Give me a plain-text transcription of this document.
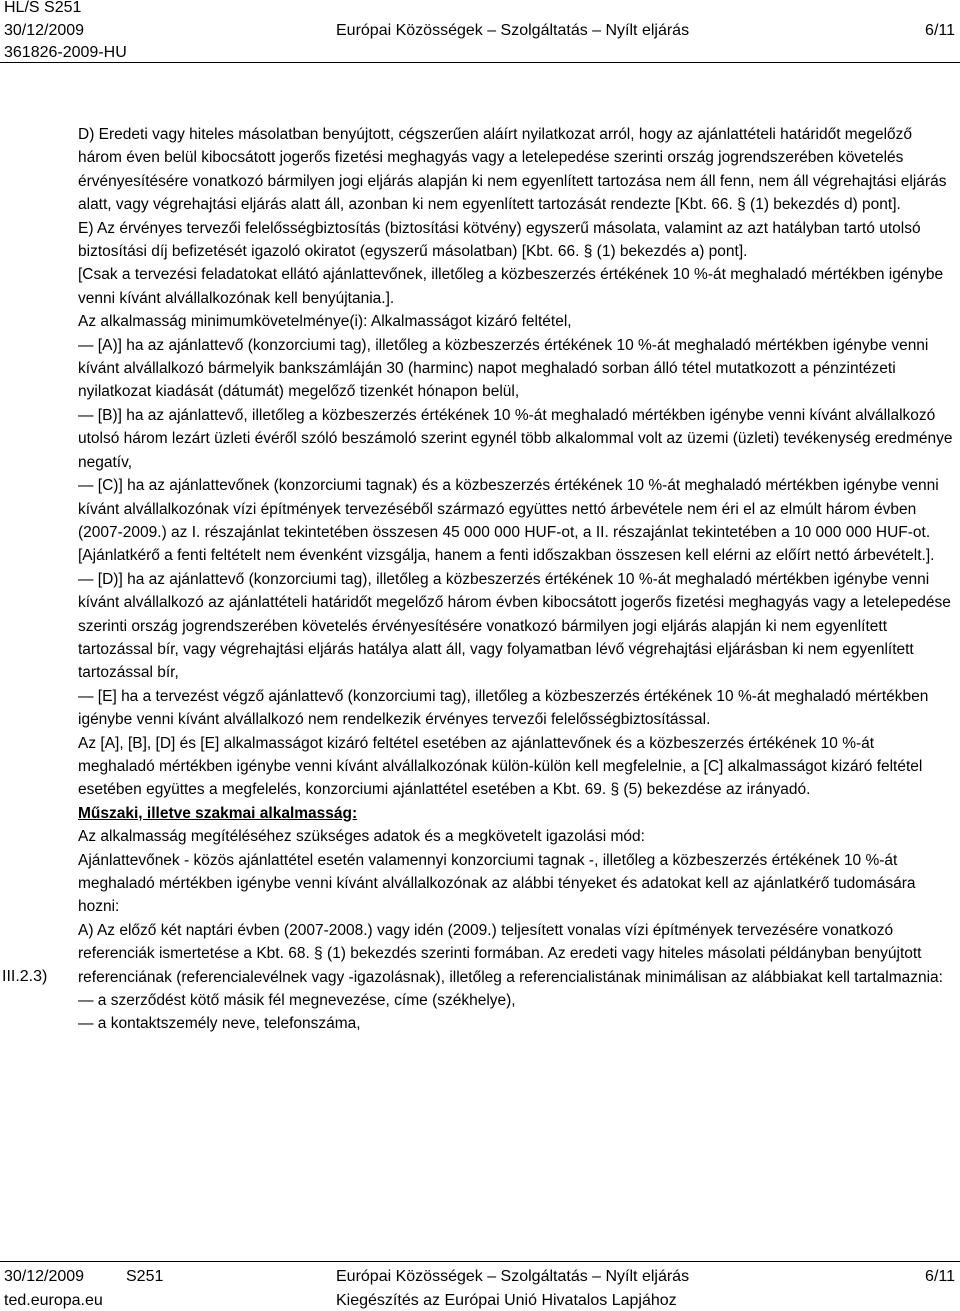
HL/S S251
30/12/2009
361826-2009-HU
Európai Közösségek – Szolgáltatás – Nyílt eljárás	6/11
III.2.3)

D) Eredeti vagy hiteles másolatban benyújtott, cégszerűen aláírt nyilatkozat arról, hogy az ajánlattételi határidőt megelőző három éven belül kibocsátott jogerős fizetési meghagyás vagy a letelepedése szerinti ország jogrendszerében követelés érvényesítésére vonatkozó bármilyen jogi eljárás alapján ki nem egyenlített tartozása nem áll fenn, nem áll végrehajtási eljárás alatt, vagy végrehajtási eljárás alatt áll, azonban ki nem egyenlített tartozását rendezte [Kbt. 66. § (1) bekezdés d) pont].

E) Az érvényes tervezői felelősségbiztosítás (biztosítási kötvény) egyszerű másolata, valamint az azt hatályban tartó utolsó biztosítási díj befizetését igazoló okiratot (egyszerű másolatban) [Kbt. 66. § (1) bekezdés a) pont].

[Csak a tervezési feladatokat ellátó ajánlattevőnek, illetőleg a közbeszerzés értékének 10 %-át meghaladó mértékben igénybe venni kívánt alvállalkozónak kell benyújtania.].

Az alkalmasság minimumkövetelménye(i): Alkalmasságot kizáró feltétel,

— [A)] ha az ajánlattevő (konzorciumi tag), illetőleg a közbeszerzés értékének 10 %-át meghaladó mértékben igénybe venni kívánt alvállalkozó bármelyik bankszámláján 30 (harminc) napot meghaladó sorban álló tétel mutatkozott a pénzintézeti nyilatkozat kiadását (dátumát) megelőző tizenkét hónapon belül,

— [B)] ha az ajánlattevő, illetőleg a közbeszerzés értékének 10 %-át meghaladó mértékben igénybe venni kívánt alvállalkozó utolsó három lezárt üzleti évéről szóló beszámoló szerint egynél több alkalommal volt az üzemi (üzleti) tevékenység eredménye negatív,

— [C)] ha az ajánlattevőnek (konzorciumi tagnak) és a közbeszerzés értékének 10 %-át meghaladó mértékben igénybe venni kívánt alvállalkozónak vízi építmények tervezéséből származó együttes nettó árbevétele nem éri el az elmúlt három évben (2007-2009.) az I. részajánlat tekintetében összesen 45 000 000 HUF-ot, a II. részajánlat tekintetében a 10 000 000 HUF-ot.

[Ajánlatkérő a fenti feltételt nem évenként vizsgálja, hanem a fenti időszakban összesen kell elérni az előírt nettó árbevételt.].

— [D)] ha az ajánlattevő (konzorciumi tag), illetőleg a közbeszerzés értékének 10 %-át meghaladó mértékben igénybe venni kívánt alvállalkozó az ajánlattételi határidőt megelőző három évben kibocsátott jogerős fizetési meghagyás vagy a letelepedése szerinti ország jogrendszerében követelés érvényesítésére vonatkozó bármilyen jogi eljárás alapján ki nem egyenlített tartozással bír, vagy végrehajtási eljárás hatálya alatt áll, vagy folyamatban lévő végrehajtási eljárásban ki nem egyenlített tartozással bír,

— [E] ha a tervezést végző ajánlattevő (konzorciumi tag), illetőleg a közbeszerzés értékének 10 %-át meghaladó mértékben igénybe venni kívánt alvállalkozó nem rendelkezik érvényes tervezői felelősségbiztosítással.

Az [A], [B], [D] és [E] alkalmasságot kizáró feltétel esetében az ajánlattevőnek és a közbeszerzés értékének 10 %-át meghaladó mértékben igénybe venni kívánt alvállalkozónak külön-külön kell megfelelnie, a [C] alkalmasságot kizáró feltétel esetében együttes a megfelelés, konzorciumi ajánlattétel esetében a Kbt. 69. § (5) bekezdése az irányadó.

Műszaki, illetve szakmai alkalmasság:

Az alkalmasság megítéléséhez szükséges adatok és a megkövetelt igazolási mód:

Ajánlattevőnek - közös ajánlattétel esetén valamennyi konzorciumi tagnak -, illetőleg a közbeszerzés értékének 10 %-át meghaladó mértékben igénybe venni kívánt alvállalkozónak az alábbi tényeket és adatokat kell az ajánlatkérő tudomására hozni:

A) Az előző két naptári évben (2007-2008.) vagy idén (2009.) teljesített vonalas vízi építmények tervezésére vonatkozó referenciák ismertetése a Kbt. 68. § (1) bekezdés szerinti formában. Az eredeti vagy hiteles másolati példányban benyújtott referenciának (referencialevélnek vagy -igazolásnak), illetőleg a referencialistának minimálisan az alábbiakat kell tartalmaznia:

— a szerződést kötő másik fél megnevezése, címe (székhelye),

— a kontaktszemély neve, telefonszáma,

30/12/2009	S251
ted.europa.eu
Európai Közösségek – Szolgáltatás – Nyílt eljárás
Kiegészítés az Európai Unió Hivatalos Lapjához
6/11
